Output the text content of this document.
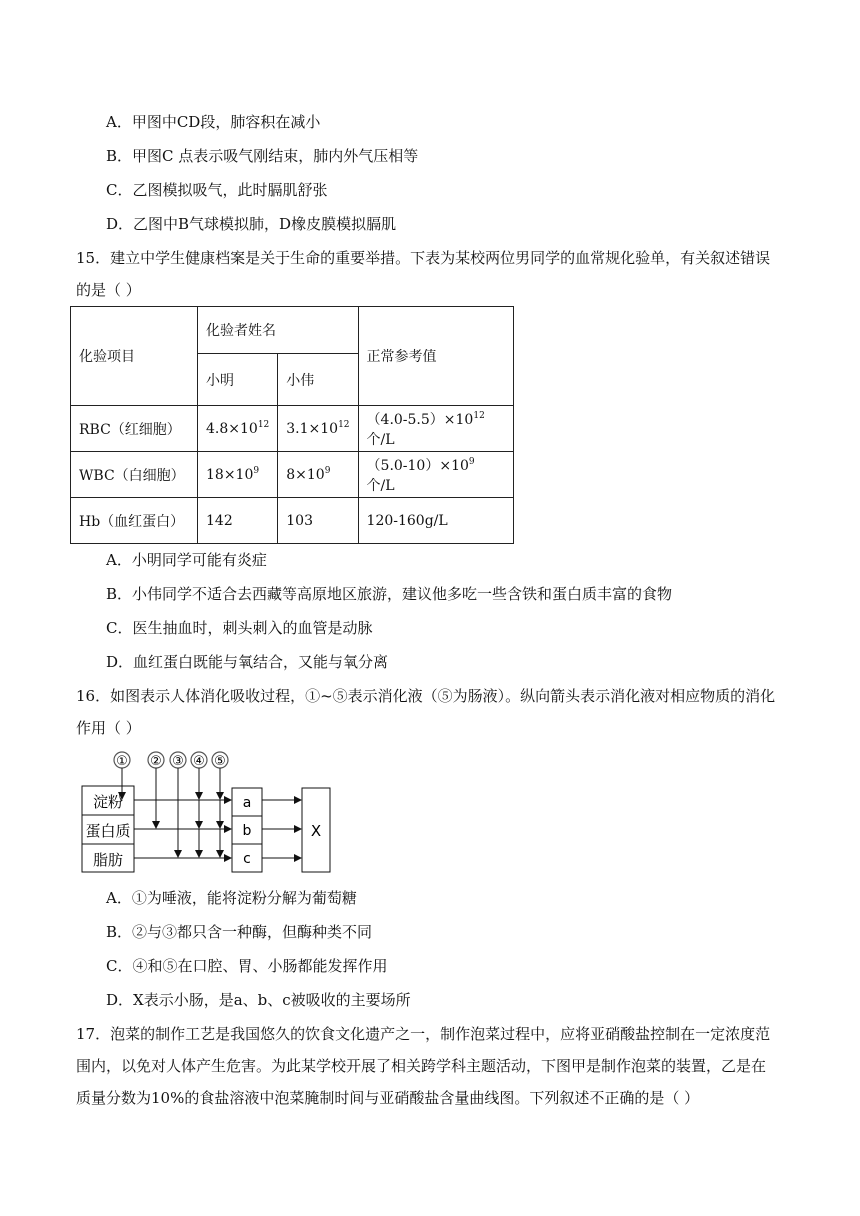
A．甲图中CD段，肺容积在减小
B．甲图C 点表示吸气刚结束，肺内外气压相等
C．乙图模拟吸气，此时膈肌舒张
D．乙图中B气球模拟肺，D橡皮膜模拟膈肌
15．建立中学生健康档案是关于生命的重要举措。下表为某校两位男同学的血常规化验单，有关叙述错误
的是（ ）
化验项目	化验者姓名		正常参考值
	小明	小伟	
RBC（红细胞）	$4.8\times 10^{12}$	$3.1\times 10^{12}$	$(4.0-5.5)\times 10^{12}$ 个/L
WBC（白细胞）	$18\times 10^9$	$8\times 10^9$	$(5.0-10)\times 10^9$ 个/L
Hb（血红蛋白）	142	103	120-160g/L
A．小明同学可能有炎症
B．小伟同学不适合去西藏等高原地区旅游，建议他多吃一些含铁和蛋白质丰富的食物
C．医生抽血时，刺头刺入的血管是动脉
D．血红蛋白既能与氧结合，又能与氧分离
16．如图表示人体消化吸收过程，①~⑤表示消化液（⑤为肠液）。纵向箭头表示消化液对相应物质的消化
作用（ ）
① ② ③ ④ ⑤
淀粉
蛋白质
脂肪
a
b
c
X
A．①为唾液，能将淀粉分解为葡萄糖
B．②与③都只含一种酶，但酶种类不同
C．④和⑤在口腔、胃、小肠都能发挥作用
D．X表示小肠，是a、b、c被吸收的主要场所
17．泡菜的制作工艺是我国悠久的饮食文化遗产之一，制作泡菜过程中，应将亚硝酸盐控制在一定浓度范
围内，以免对人体产生危害。为此某学校开展了相关跨学科主题活动，下图甲是制作泡菜的装置，乙是在
质量分数为10%的食盐溶液中泡菜腌制时间与亚硝酸盐含量曲线图。下列叙述不正确的是（ ）
